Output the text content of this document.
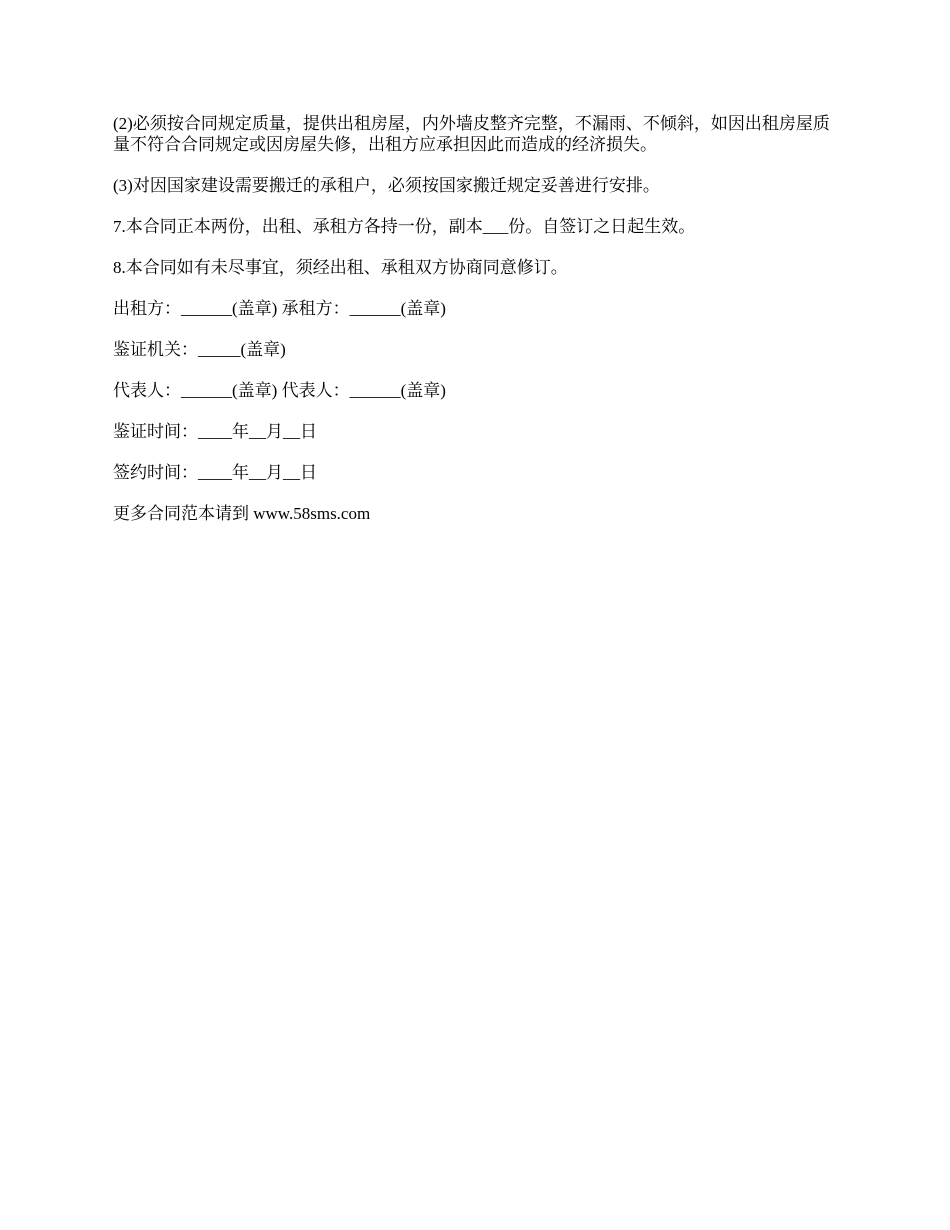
(2)必须按合同规定质量，提供出租房屋，内外墙皮整齐完整，不漏雨、不倾斜，如因出租房屋质量不符合合同规定或因房屋失修，出租方应承担因此而造成的经济损失。

(3)对因国家建设需要搬迁的承租户，必须按国家搬迁规定妥善进行安排。

7.本合同正本两份，出租、承租方各持一份，副本___份。自签订之日起生效。

8.本合同如有未尽事宜，须经出租、承租双方协商同意修订。

出租方：______(盖章) 承租方：______(盖章)

鉴证机关：_____(盖章)

代表人：______(盖章) 代表人：______(盖章)

鉴证时间：____年__月__日

签约时间：____年__月__日

更多合同范本请到 www.58sms.com
